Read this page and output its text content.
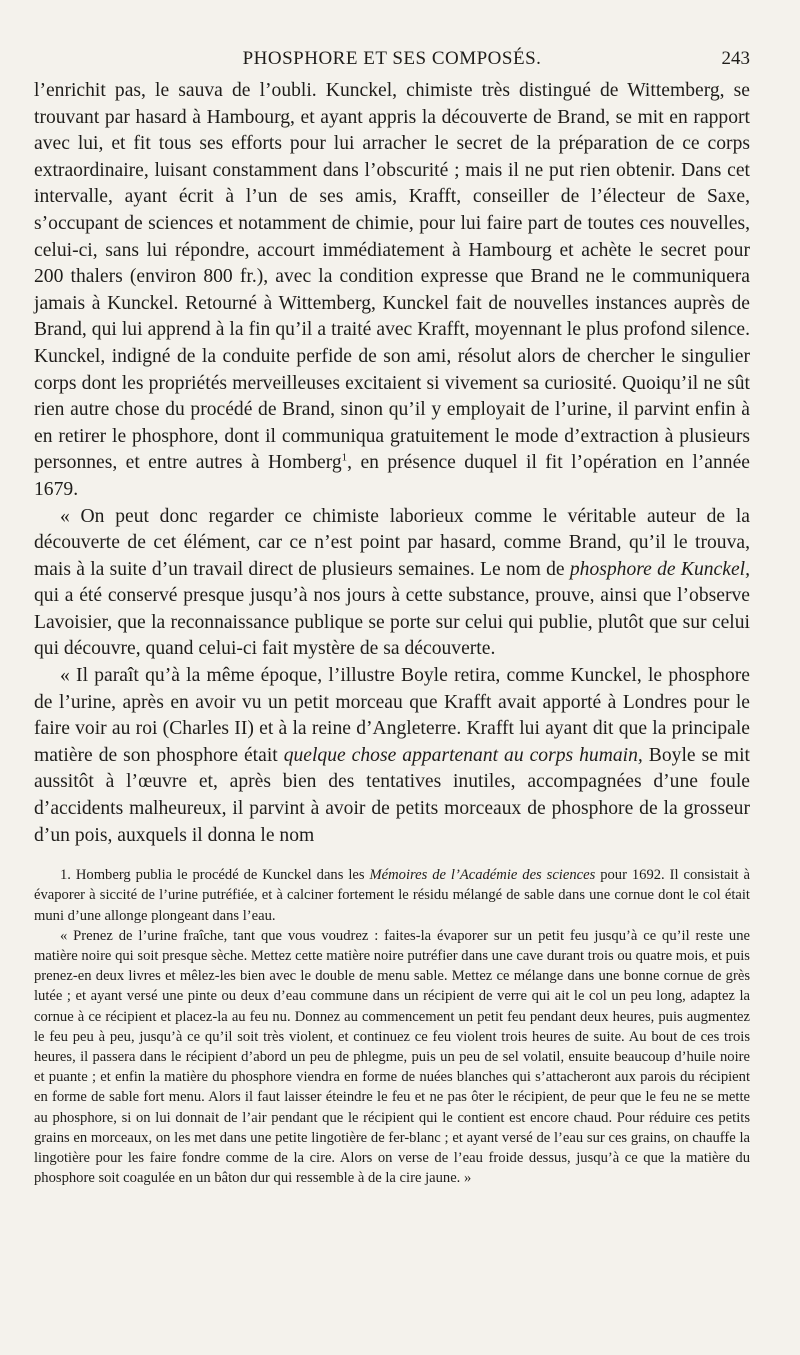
PHOSPHORE ET SES COMPOSÉS.	243

l’enrichit pas, le sauva de l’oubli. Kunckel, chimiste très distingué de Wittemberg, se trouvant par hasard à Hambourg, et ayant appris la découverte de Brand, se mit en rapport avec lui, et fit tous ses efforts pour lui arracher le secret de la préparation de ce corps extraordinaire, luisant constamment dans l’obscurité ; mais il ne put rien obtenir. Dans cet intervalle, ayant écrit à l’un de ses amis, Krafft, conseiller de l’électeur de Saxe, s’occupant de sciences et notamment de chimie, pour lui faire part de toutes ces nouvelles, celui-ci, sans lui répondre, accourt immédiatement à Hambourg et achète le secret pour 200 thalers (environ 800 fr.), avec la condition expresse que Brand ne le communiquera jamais à Kunckel. Retourné à Wittemberg, Kunckel fait de nouvelles instances auprès de Brand, qui lui apprend à la fin qu’il a traité avec Krafft, moyennant le plus profond silence. Kunckel, indigné de la conduite perfide de son ami, résolut alors de chercher le singulier corps dont les propriétés merveilleuses excitaient si vivement sa curiosité. Quoiqu’il ne sût rien autre chose du procédé de Brand, sinon qu’il y employait de l’urine, il parvint enfin à en retirer le phosphore, dont il communiqua gratuitement le mode d’extraction à plusieurs personnes, et entre autres à Homberg$^1$, en présence duquel il fit l’opération en l’année 1679.

« On peut donc regarder ce chimiste laborieux comme le véritable auteur de la découverte de cet élément, car ce n’est point par hasard, comme Brand, qu’il le trouva, mais à la suite d’un travail direct de plusieurs semaines. Le nom de phosphore de Kunckel, qui a été conservé presque jusqu’à nos jours à cette substance, prouve, ainsi que l’observe Lavoisier, que la reconnaissance publique se porte sur celui qui publie, plutôt que sur celui qui découvre, quand celui-ci fait mystère de sa découverte.

« Il paraît qu’à la même époque, l’illustre Boyle retira, comme Kunckel, le phosphore de l’urine, après en avoir vu un petit morceau que Krafft avait apporté à Londres pour le faire voir au roi (Charles II) et à la reine d’Angleterre. Krafft lui ayant dit que la principale matière de son phosphore était quelque chose appartenant au corps humain, Boyle se mit aussitôt à l’œuvre et, après bien des tentatives inutiles, accompagnées d’une foule d’accidents malheureux, il parvint à avoir de petits morceaux de phosphore de la grosseur d’un pois, auxquels il donna le nom

1. Homberg publia le procédé de Kunckel dans les Mémoires de l’Académie des sciences pour 1692. Il consistait à évaporer à siccité de l’urine putréfiée, et à calciner fortement le résidu mélangé de sable dans une cornue dont le col était muni d’une allonge plongeant dans l’eau.

« Prenez de l’urine fraîche, tant que vous voudrez : faites-la évaporer sur un petit feu jusqu’à ce qu’il reste une matière noire qui soit presque sèche. Mettez cette matière noire putréfier dans une cave durant trois ou quatre mois, et puis prenez-en deux livres et mêlez-les bien avec le double de menu sable. Mettez ce mélange dans une bonne cornue de grès lutée ; et ayant versé une pinte ou deux d’eau commune dans un récipient de verre qui ait le col un peu long, adaptez la cornue à ce récipient et placez-la au feu nu. Donnez au commencement un petit feu pendant deux heures, puis augmentez le feu peu à peu, jusqu’à ce qu’il soit très violent, et continuez ce feu violent trois heures de suite. Au bout de ces trois heures, il passera dans le récipient d’abord un peu de phlegme, puis un peu de sel volatil, ensuite beaucoup d’huile noire et puante ; et enfin la matière du phosphore viendra en forme de nuées blanches qui s’attacheront aux parois du récipient en forme de sable fort menu. Alors il faut laisser éteindre le feu et ne pas ôter le récipient, de peur que le feu ne se mette au phosphore, si on lui donnait de l’air pendant que le récipient qui le contient est encore chaud. Pour réduire ces petits grains en morceaux, on les met dans une petite lingotière de fer-blanc ; et ayant versé de l’eau sur ces grains, on chauffe la lingotière pour les faire fondre comme de la cire. Alors on verse de l’eau froide dessus, jusqu’à ce que la matière du phosphore soit coagulée en un bâton dur qui ressemble à de la cire jaune. »
